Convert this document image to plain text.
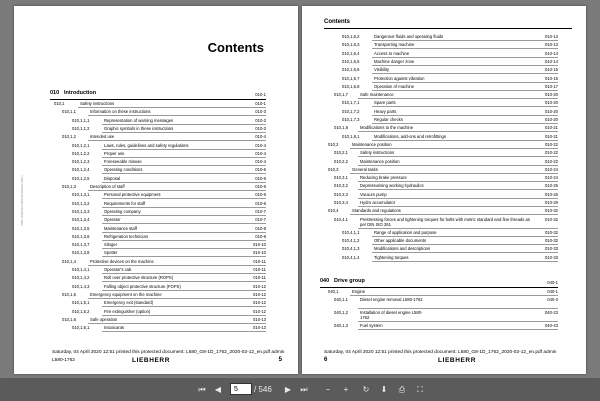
Contents
L580-1762/0001-0000-01/2020-02-12/en
010 Introduction	010-1
010,1	Safety instructions	010-1
010,1,1	Information on these instructions	010-3
010,1,1,1	Representation of warning messages	010-3
010,1,1,2	Graphic symbols in these instructions	010-3
010,1,2	Intended use	010-4
010,1,2,1	Laws, rules, guidelines and safety regulations	010-4
010,1,2,2	Proper use	010-4
010,1,2,3	Foreseeable misuse	010-4
010,1,2,4	Operating conditions	010-6
010,1,2,5	Disposal	010-6
010,1,3	Description of staff	010-6
010,1,3,1	Personal protective equipment	010-6
010,1,3,2	Requirements for staff	010-6
010,1,3,3	Operating company	010-7
010,1,3,4	Operator	010-7
010,1,3,5	Maintenance staff	010-8
010,1,3,6	Refrigeration technician	010-9
010,1,3,7	Slinger	010-10
010,1,3,8	Spotter	010-10
010,1,4	Protective devices on the machine	010-11
010,1,4,1	Operator's cab	010-11
010,1,4,2	Roll over protective structure (ROPS)	010-11
010,1,4,3	Falling object protective structure (FOPS)	010-12
010,1,5	Emergency equipment on the machine	010-12
010,1,5,1	Emergency exit (standard)	010-12
010,1,5,2	Fire extinguisher (option)	010-12
010,1,6	Safe operation	010-13
010,1,6,1	Intoxicants	010-13
Saturday, 04 April 2020 12:51 printed this protected document: L580_G8-1D_1762_2020-02-12_en.pdf admin
L580-1762	LIEBHERR	5
Contents
010,1,6,2	Dangerous fluids and operating fluids	010-13
010,1,6,3	Transporting machine	010-13
010,1,6,4	Access to machine	010-14
010,1,6,5	Machine danger zone	010-14
010,1,6,6	Visibility	010-15
010,1,6,7	Protection against vibration	010-16
010,1,6,8	Operation of machine	010-17
010,1,7	Safe maintenance	010-20
010,1,7,1	Spare parts	010-20
010,1,7,2	Heavy parts	010-20
010,1,7,3	Regular checks	010-20
010,1,8	Modifications to the machine	010-21
010,1,8,1	Modifications, add-ons and retrofittings	010-21
010,2	Maintenance position	010-22
010,2,1	Safety instructions	010-22
010,2,2	Maintenance position	010-22
010,3	General tasks	010-24
010,3,1	Reducing brake pressure	010-24
010,3,2	Depressurising working hydraulics	010-25
010,3,3	Vacuum pump	010-26
010,3,4	Hydro accumulator	010-29
010,4	Standards and regulations	010-32
010,4,1	Prestressing forces and tightening torques for bolts with metric standard and fine threads as per DIN ISO 261
010-32
010,4,1,1	Range of application and purpose	010-32
010,4,1,2	Other applicable documents	010-32
010,4,1,3	Modifications and descriptions	010-33
010,4,1,4	Tightening torques	010-33
040 Drive group	040-1
040,1	Engine	040-1
040,1,1	Diesel engine removal L580-1762	040-3
040,1,2	Installation of diesel engine L580-1762
040-23
040,1,3	Fuel system	040-43
Saturday, 04 April 2020 12:51 printed this protected document: L580_G8-1D_1762_2020-02-12_en.pdf admin
6	LIEBHERR
⏮	◀	5	/ 546	▶	⏭	−	+	↻	⬇	⎙	⛶
